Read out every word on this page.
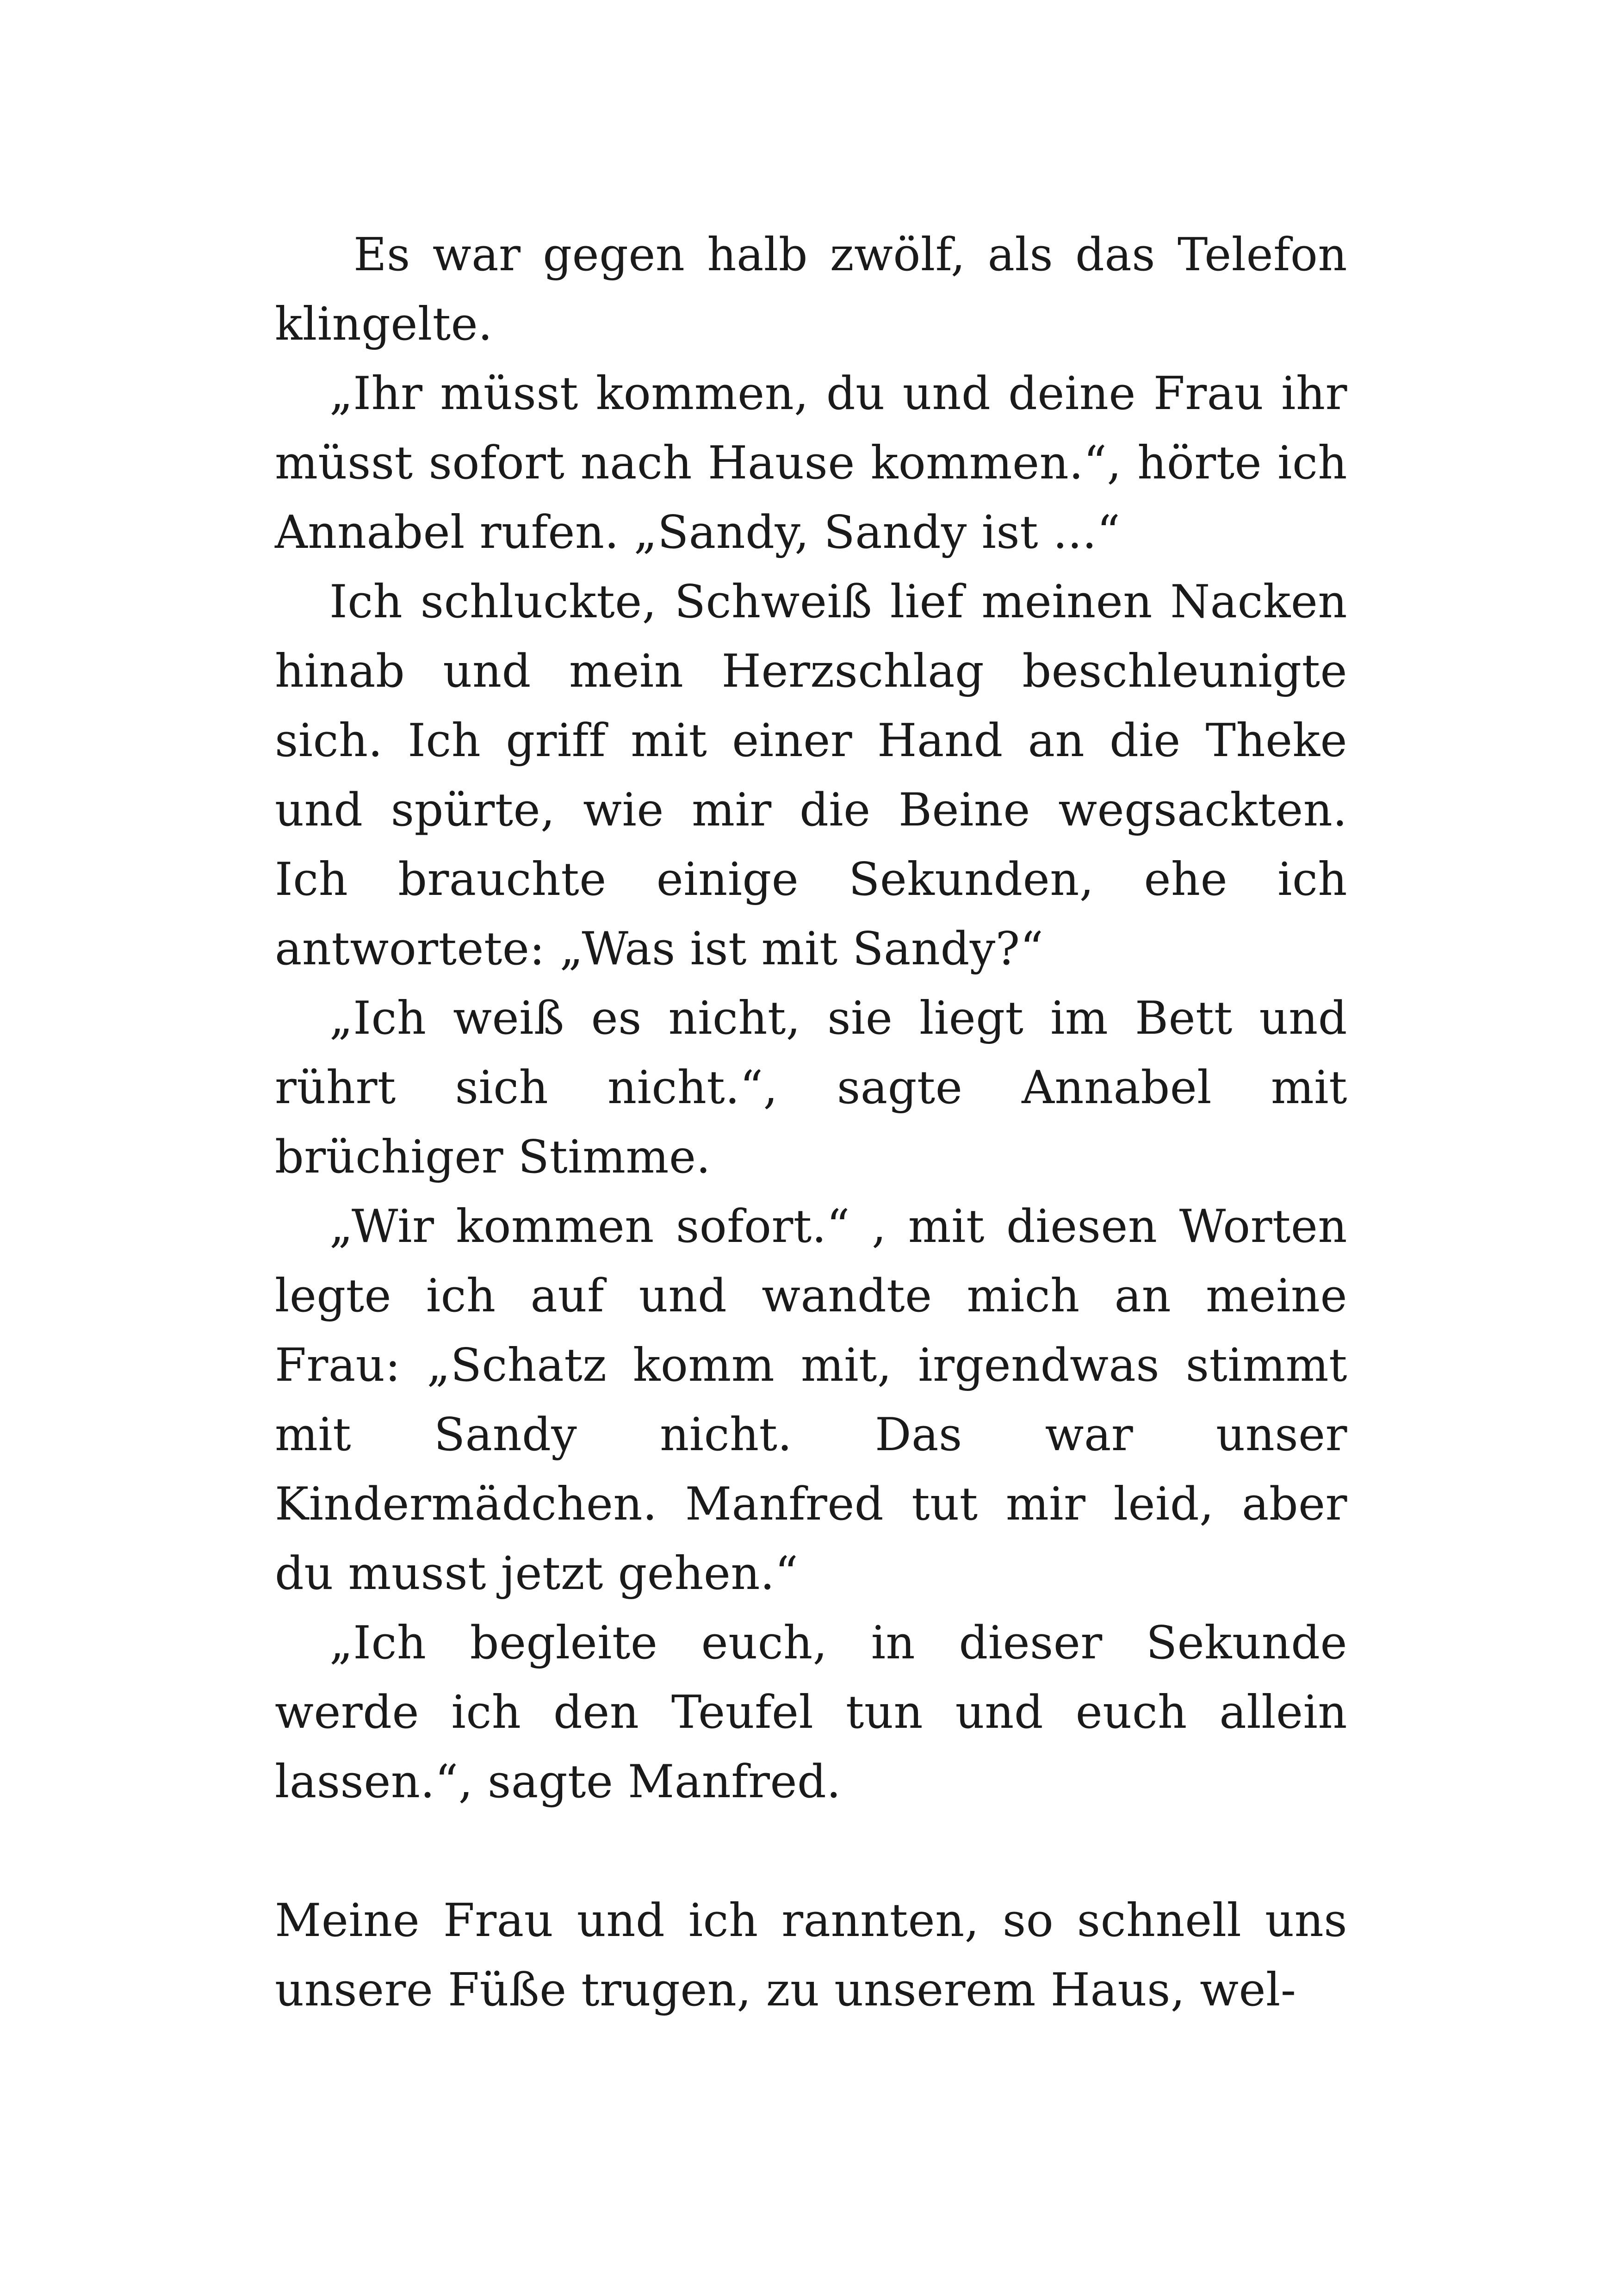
Es war gegen halb zwölf, als das Telefon klingelte.

„Ihr müsst kommen, du und deine Frau ihr müsst sofort nach Hause kommen.“, hörte ich Annabel rufen. „Sandy, Sandy ist ...“

Ich schluckte, Schweiß lief meinen Nacken hinab und mein Herzschlag beschleunigte sich. Ich griff mit einer Hand an die Theke und spürte, wie mir die Beine wegsackten. Ich brauchte einige Sekunden, ehe ich antwortete: „Was ist mit Sandy?“

„Ich weiß es nicht, sie liegt im Bett und rührt sich nicht.“, sagte Annabel mit brüchiger Stimme.

„Wir kommen sofort.“ , mit diesen Worten legte ich auf und wandte mich an meine Frau: „Schatz komm mit, irgendwas stimmt mit Sandy nicht. Das war unser Kindermädchen. Manfred tut mir leid, aber du musst jetzt gehen.“

„Ich begleite euch, in dieser Sekunde werde ich den Teufel tun und euch allein lassen.“, sagte Manfred.

Meine Frau und ich rannten, so schnell uns unsere Füße trugen, zu unserem Haus, wel-
